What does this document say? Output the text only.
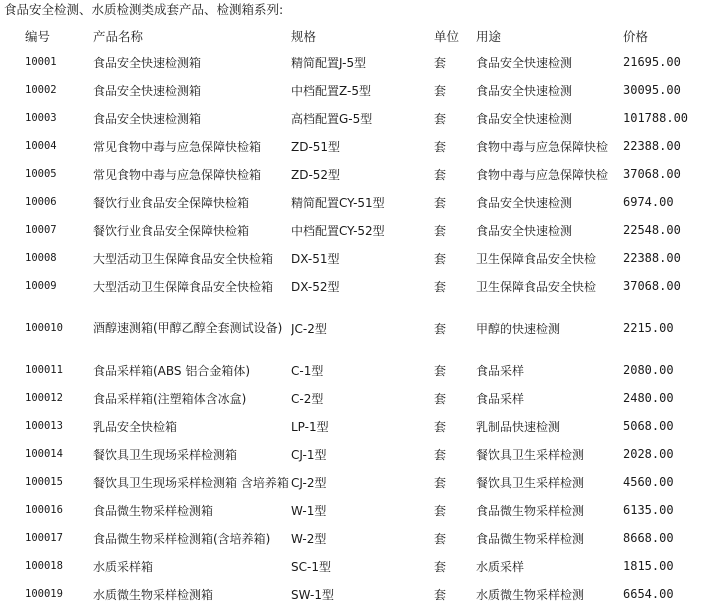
食品安全检测、水质检测类成套产品、检测箱系列:
编号	产品名称	规格	单位	用途	价格
10001	食品安全快速检测箱	精简配置J-5型	套	食品安全快速检测	21695.00
10002	食品安全快速检测箱	中档配置Z-5型	套	食品安全快速检测	30095.00
10003	食品安全快速检测箱	高档配置G-5型	套	食品安全快速检测	101788.00
10004	常见食物中毒与应急保障快检箱	ZD-51型	套	食物中毒与应急保障快检	22388.00
10005	常见食物中毒与应急保障快检箱	ZD-52型	套	食物中毒与应急保障快检	37068.00
10006	餐饮行业食品安全保障快检箱	精简配置CY-51型	套	食品安全快速检测	6974.00
10007	餐饮行业食品安全保障快检箱	中档配置CY-52型	套	食品安全快速检测	22548.00
10008	大型活动卫生保障食品安全快检箱	DX-51型	套	卫生保障食品安全快检	22388.00
10009	大型活动卫生保障食品安全快检箱	DX-52型	套	卫生保障食品安全快检	37068.00
100010	酒醇速测箱(甲醇乙醇全套测试设备)	JC-2型	套	甲醇的快速检测	2215.00
100011	食品采样箱(ABS 铝合金箱体)	C-1型	套	食品采样	2080.00
100012	食品采样箱(注塑箱体含冰盒)	C-2型	套	食品采样	2480.00
100013	乳品安全快检箱	LP-1型	套	乳制品快速检测	5068.00
100014	餐饮具卫生现场采样检测箱	CJ-1型	套	餐饮具卫生采样检测	2028.00
100015	餐饮具卫生现场采样检测箱 含培养箱	CJ-2型	套	餐饮具卫生采样检测	4560.00
100016	食品微生物采样检测箱	W-1型	套	食品微生物采样检测	6135.00
100017	食品微生物采样检测箱(含培养箱)	W-2型	套	食品微生物采样检测	8668.00
100018	水质采样箱	SC-1型	套	水质采样	1815.00
100019	水质微生物采样检测箱	SW-1型	套	水质微生物采样检测	6654.00
